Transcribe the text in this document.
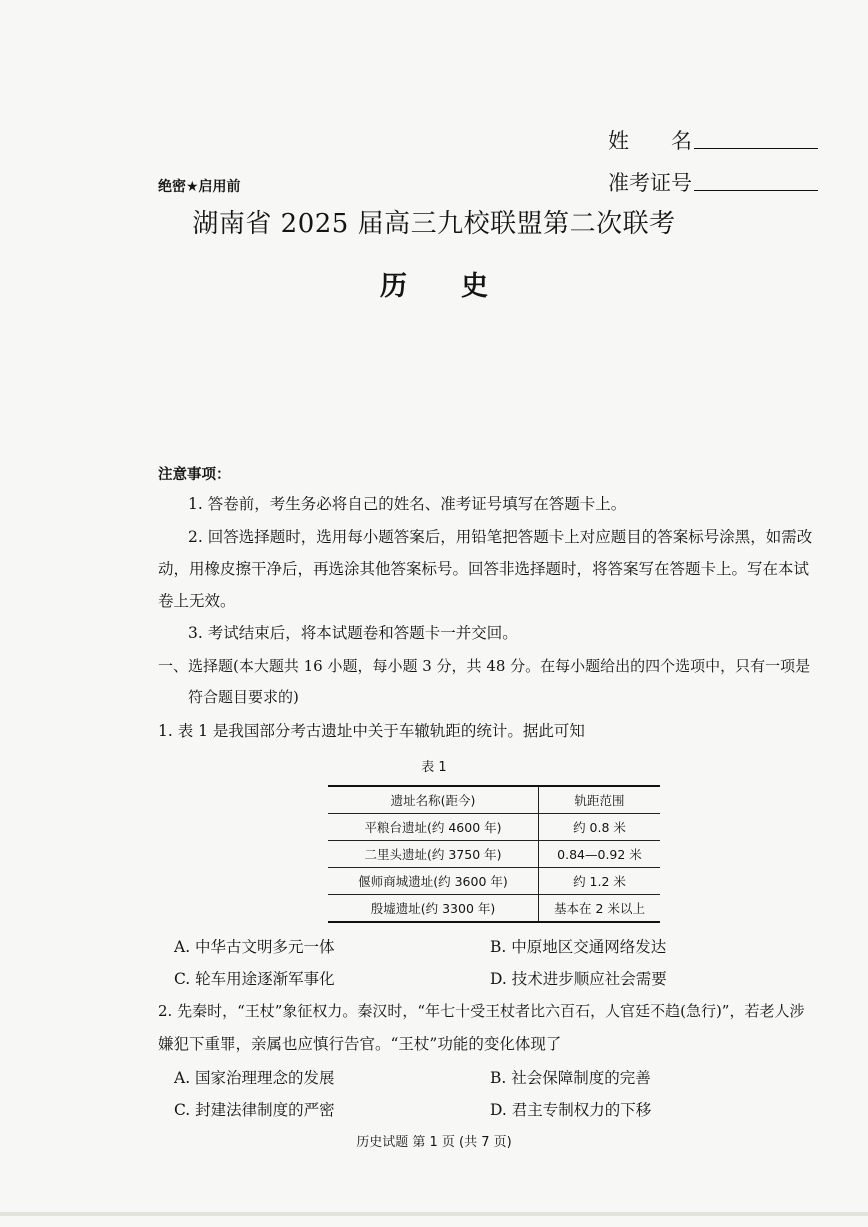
姓　　名
准考证号
绝密★启用前
湖南省 2025 届高三九校联盟第二次联考
历　　史
注意事项：
1. 答卷前，考生务必将自己的姓名、准考证号填写在答题卡上。
2. 回答选择题时，选用每小题答案后，用铅笔把答题卡上对应题目的答案标号涂黑，如需改
动，用橡皮擦干净后，再选涂其他答案标号。回答非选择题时，将答案写在答题卡上。写在本试
卷上无效。
3. 考试结束后，将本试题卷和答题卡一并交回。
一、选择题(本大题共 16 小题，每小题 3 分，共 48 分。在每小题给出的四个选项中，只有一项是
符合题目要求的)
1. 表 1 是我国部分考古遗址中关于车辙轨距的统计。据此可知
表 1
遗址名称(距今)	轨距范围
平粮台遗址(约 4600 年)	约 0.8 米
二里头遗址(约 3750 年)	0.84—0.92 米
偃师商城遗址(约 3600 年)	约 1.2 米
殷墟遗址(约 3300 年)	基本在 2 米以上
A. 中华古文明多元一体	B. 中原地区交通网络发达
C. 轮车用途逐渐军事化	D. 技术进步顺应社会需要
2. 先秦时，“王杖”象征权力。秦汉时，“年七十受王杖者比六百石，人官廷不趋(急行)”，若老人涉
嫌犯下重罪，亲属也应慎行告官。“王杖”功能的变化体现了
A. 国家治理理念的发展	B. 社会保障制度的完善
C. 封建法律制度的严密	D. 君主专制权力的下移
历史试题 第 1 页 (共 7 页)
